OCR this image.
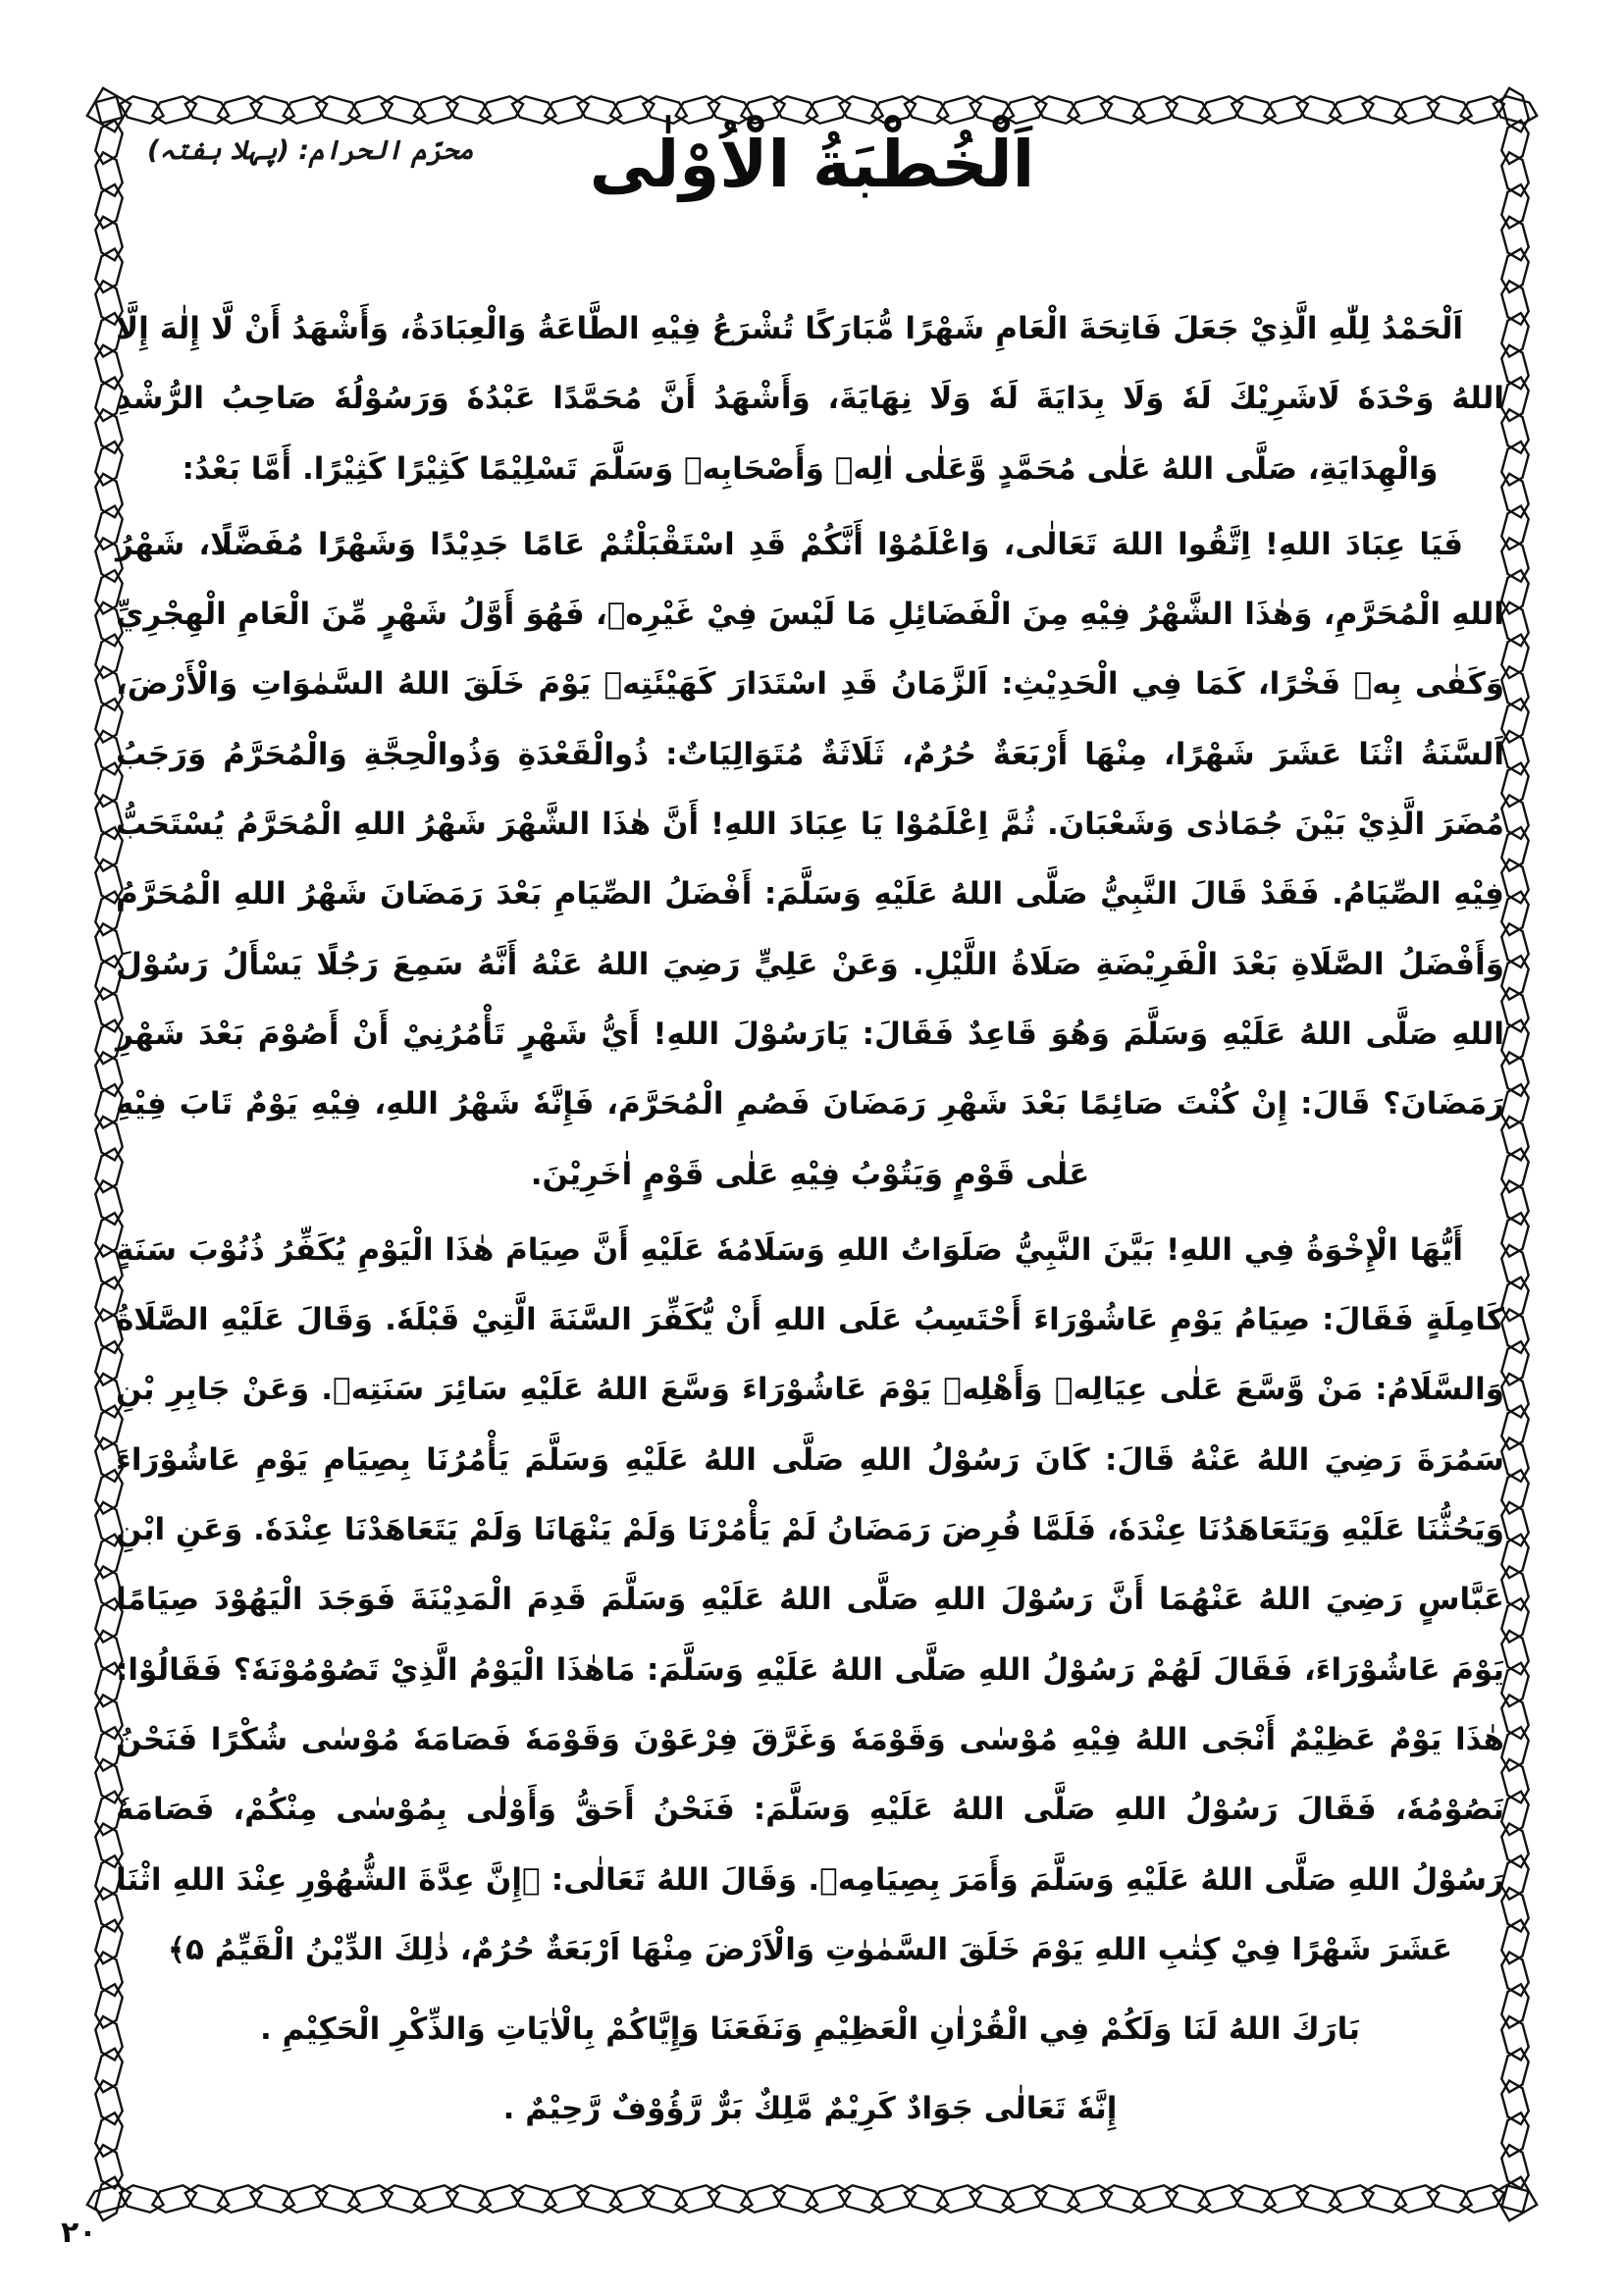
محرّم الحرام: (پہلا ہفتہ)	اَلْخُطْبَةُ الْاُوْلٰى

اَلْحَمْدُ لِلّٰهِ الَّذِيْ جَعَلَ فَاتِحَةَ الْعَامِ شَهْرًا مُّبَارَكًا تُشْرَعُ فِيْهِ الطَّاعَةُ وَالْعِبَادَةُ، وَأَشْهَدُ أَنْ لَّا إِلٰهَ إِلَّا اللهُ وَحْدَهٗ لَاشَرِيْكَ لَهٗ وَلَا بِدَايَةَ لَهٗ وَلَا نِهَايَةَ، وَأَشْهَدُ أَنَّ مُحَمَّدًا عَبْدُهٗ وَرَسُوْلُهٗ صَاحِبُ الرُّشْدِ وَالْهِدَايَةِ، صَلَّى اللهُ عَلٰى مُحَمَّدٍ وَّعَلٰى اٰلِهٖ وَأَصْحَابِهٖ وَسَلَّمَ تَسْلِيْمًا كَثِيْرًا كَثِيْرًا. أَمَّا بَعْدُ:

فَيَا عِبَادَ اللهِ! اِتَّقُوا اللهَ تَعَالٰى، وَاعْلَمُوْا أَنَّكُمْ قَدِ اسْتَقْبَلْتُمْ عَامًا جَدِيْدًا وَشَهْرًا مُفَضَّلًا، شَهْرُ اللهِ الْمُحَرَّمِ، وَهٰذَا الشَّهْرُ فِيْهِ مِنَ الْفَضَائِلِ مَا لَيْسَ فِيْ غَيْرِهٖ، فَهُوَ أَوَّلُ شَهْرٍ مِّنَ الْعَامِ الْهِجْرِيِّ وَكَفٰى بِهٖ فَخْرًا، كَمَا فِي الْحَدِيْثِ: اَلزَّمَانُ قَدِ اسْتَدَارَ كَهَيْئَتِهٖ يَوْمَ خَلَقَ اللهُ السَّمٰوَاتِ وَالْأَرْضَ، اَلسَّنَةُ اثْنَا عَشَرَ شَهْرًا، مِنْهَا أَرْبَعَةٌ حُرُمٌ، ثَلَاثَةٌ مُتَوَالِيَاتٌ: ذُوالْقَعْدَةِ وَذُوالْحِجَّةِ وَالْمُحَرَّمُ وَرَجَبُ مُضَرَ الَّذِيْ بَيْنَ جُمَادٰى وَشَعْبَانَ. ثُمَّ اِعْلَمُوْا يَا عِبَادَ اللهِ! أَنَّ هٰذَا الشَّهْرَ شَهْرُ اللهِ الْمُحَرَّمُ يُسْتَحَبُّ فِيْهِ الصِّيَامُ. فَقَدْ قَالَ النَّبِيُّ صَلَّى اللهُ عَلَيْهِ وَسَلَّمَ: أَفْضَلُ الصِّيَامِ بَعْدَ رَمَضَانَ شَهْرُ اللهِ الْمُحَرَّمُ وَأَفْضَلُ الصَّلَاةِ بَعْدَ الْفَرِيْضَةِ صَلَاةُ اللَّيْلِ. وَعَنْ عَلِيٍّ رَضِيَ اللهُ عَنْهُ أَنَّهُ سَمِعَ رَجُلًا يَسْأَلُ رَسُوْلَ اللهِ صَلَّى اللهُ عَلَيْهِ وَسَلَّمَ وَهُوَ قَاعِدٌ فَقَالَ: يَارَسُوْلَ اللهِ! أَيُّ شَهْرٍ تَأْمُرُنِيْ أَنْ أَصُوْمَ بَعْدَ شَهْرِ رَمَضَانَ؟ قَالَ: إِنْ كُنْتَ صَائِمًا بَعْدَ شَهْرِ رَمَضَانَ فَصُمِ الْمُحَرَّمَ، فَإِنَّهٗ شَهْرُ اللهِ، فِيْهِ يَوْمٌ تَابَ فِيْهِ عَلٰى قَوْمٍ وَيَتُوْبُ فِيْهِ عَلٰى قَوْمٍ اٰخَرِيْنَ.

أَيُّهَا الْإِخْوَةُ فِي اللهِ! بَيَّنَ النَّبِيُّ صَلَوَاتُ اللهِ وَسَلَامُهٗ عَلَيْهِ أَنَّ صِيَامَ هٰذَا الْيَوْمِ يُكَفِّرُ ذُنُوْبَ سَنَةٍ كَامِلَةٍ فَقَالَ: صِيَامُ يَوْمِ عَاشُوْرَاءَ أَحْتَسِبُ عَلَى اللهِ أَنْ يُّكَفِّرَ السَّنَةَ الَّتِيْ قَبْلَهٗ. وَقَالَ عَلَيْهِ الصَّلَاةُ وَالسَّلَامُ: مَنْ وَّسَّعَ عَلٰى عِيَالِهٖ وَأَهْلِهٖ يَوْمَ عَاشُوْرَاءَ وَسَّعَ اللهُ عَلَيْهِ سَائِرَ سَنَتِهٖ. وَعَنْ جَابِرِ بْنِ سَمُرَةَ رَضِيَ اللهُ عَنْهُ قَالَ: كَانَ رَسُوْلُ اللهِ صَلَّى اللهُ عَلَيْهِ وَسَلَّمَ يَأْمُرُنَا بِصِيَامِ يَوْمِ عَاشُوْرَاءَ وَيَحُثُّنَا عَلَيْهِ وَيَتَعَاهَدُنَا عِنْدَهٗ، فَلَمَّا فُرِضَ رَمَضَانُ لَمْ يَأْمُرْنَا وَلَمْ يَنْهَانَا وَلَمْ يَتَعَاهَدْنَا عِنْدَهٗ. وَعَنِ ابْنِ عَبَّاسٍ رَضِيَ اللهُ عَنْهُمَا أَنَّ رَسُوْلَ اللهِ صَلَّى اللهُ عَلَيْهِ وَسَلَّمَ قَدِمَ الْمَدِيْنَةَ فَوَجَدَ الْيَهُوْدَ صِيَامًا يَوْمَ عَاشُوْرَاءَ، فَقَالَ لَهُمْ رَسُوْلُ اللهِ صَلَّى اللهُ عَلَيْهِ وَسَلَّمَ: مَاهٰذَا الْيَوْمُ الَّذِيْ تَصُوْمُوْنَهٗ؟ فَقَالُوْا: هٰذَا يَوْمٌ عَظِيْمٌ أَنْجَى اللهُ فِيْهِ مُوْسٰى وَقَوْمَهٗ وَغَرَّقَ فِرْعَوْنَ وَقَوْمَهٗ فَصَامَهٗ مُوْسٰى شُكْرًا فَنَحْنُ نَصُوْمُهٗ، فَقَالَ رَسُوْلُ اللهِ صَلَّى اللهُ عَلَيْهِ وَسَلَّمَ: فَنَحْنُ أَحَقُّ وَأَوْلٰى بِمُوْسٰى مِنْكُمْ، فَصَامَهٗ رَسُوْلُ اللهِ صَلَّى اللهُ عَلَيْهِ وَسَلَّمَ وَأَمَرَ بِصِيَامِهٖ. وَقَالَ اللهُ تَعَالٰى: ﴿إِنَّ عِدَّةَ الشُّهُوْرِ عِنْدَ اللهِ اثْنَا عَشَرَ شَهْرًا فِيْ كِتٰبِ اللهِ يَوْمَ خَلَقَ السَّمٰوٰتِ وَالْاَرْضَ مِنْهَا اَرْبَعَةٌ حُرُمٌ، ذٰلِكَ الدِّيْنُ الْقَيِّمُ ۵﴾

بَارَكَ اللهُ لَنَا وَلَكُمْ فِي الْقُرْاٰنِ الْعَظِيْمِ وَنَفَعَنَا وَإِيَّاكُمْ بِالْاٰيَاتِ وَالذِّكْرِ الْحَكِيْمِ .

إِنَّهٗ تَعَالٰى جَوَادٌ كَرِيْمٌ مَّلِكٌ بَرٌّ رَّؤُوْفٌ رَّحِيْمٌ .

۲۰
